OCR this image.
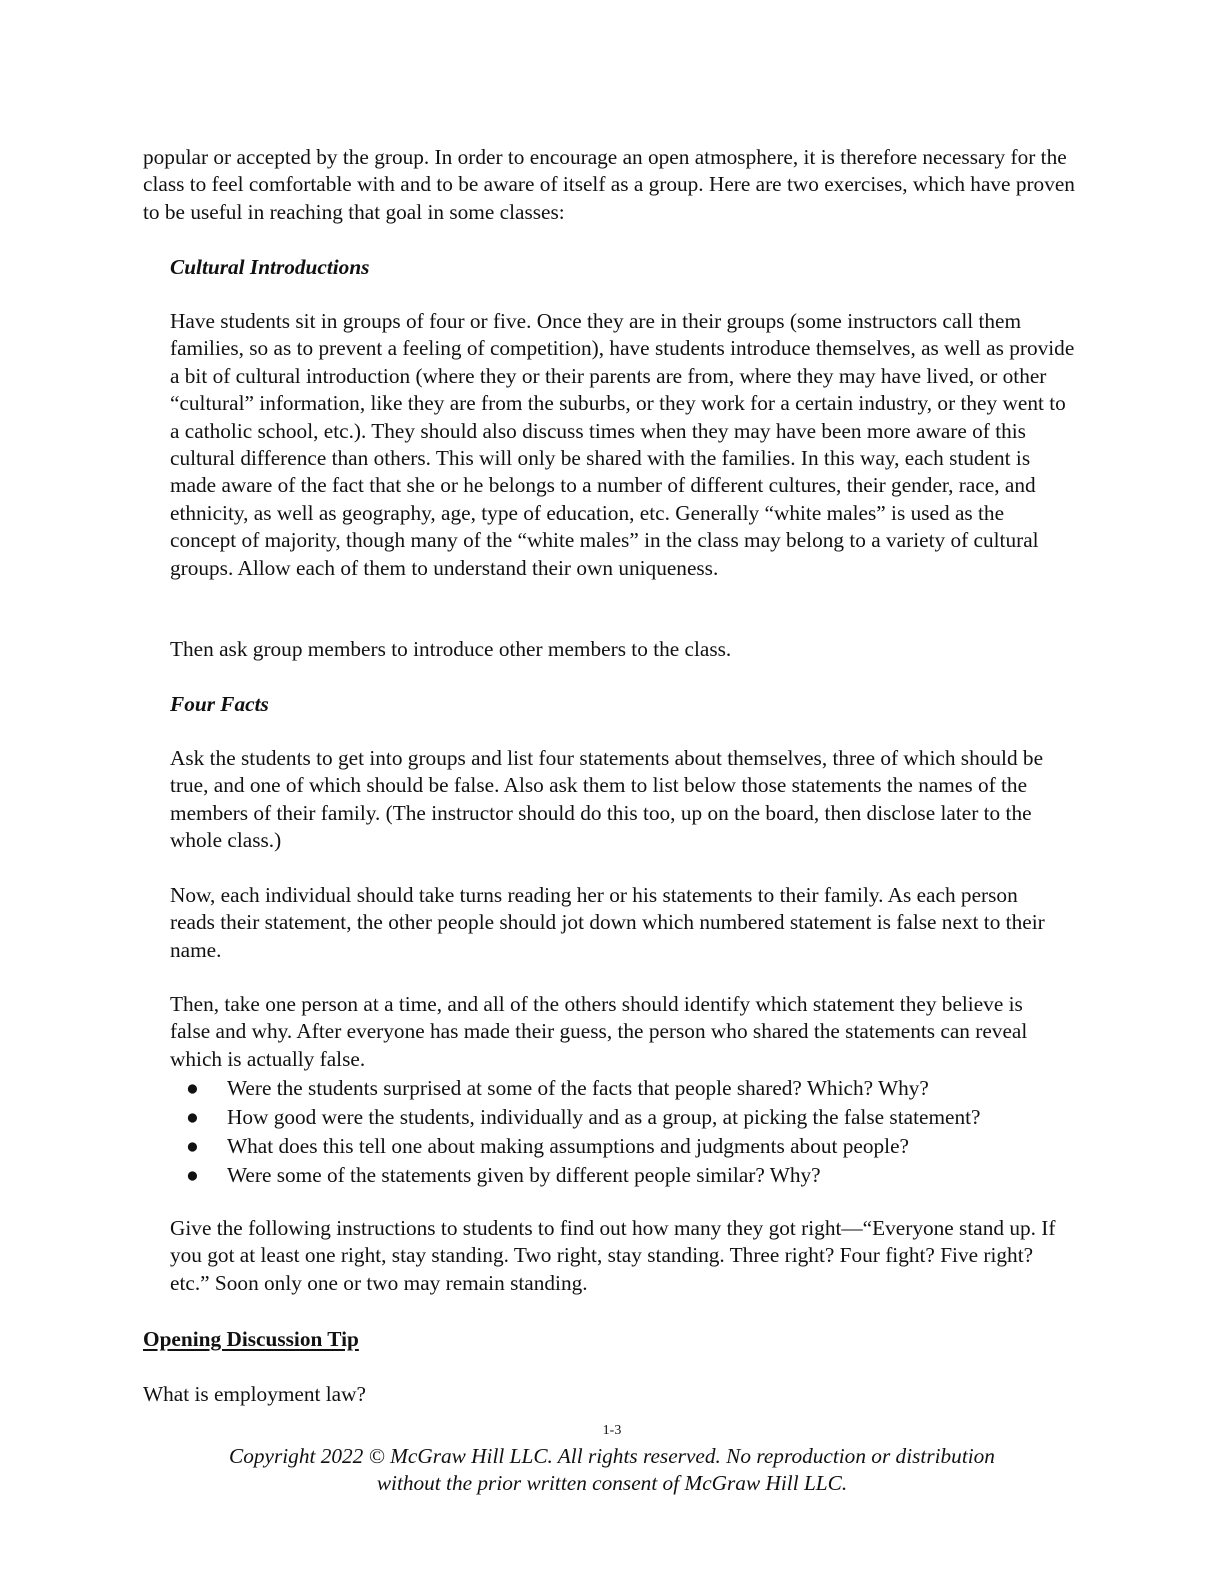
popular or accepted by the group. In order to encourage an open atmosphere, it is therefore necessary for the class to feel comfortable with and to be aware of itself as a group. Here are two exercises, which have proven to be useful in reaching that goal in some classes:

Cultural Introductions

Have students sit in groups of four or five. Once they are in their groups (some instructors call them families, so as to prevent a feeling of competition), have students introduce themselves, as well as provide a bit of cultural introduction (where they or their parents are from, where they may have lived, or other “cultural” information, like they are from the suburbs, or they work for a certain industry, or they went to a catholic school, etc.). They should also discuss times when they may have been more aware of this cultural difference than others. This will only be shared with the families. In this way, each student is made aware of the fact that she or he belongs to a number of different cultures, their gender, race, and ethnicity, as well as geography, age, type of education, etc. Generally “white males” is used as the concept of majority, though many of the “white males” in the class may belong to a variety of cultural groups. Allow each of them to understand their own uniqueness.

Then ask group members to introduce other members to the class.

Four Facts

Ask the students to get into groups and list four statements about themselves, three of which should be true, and one of which should be false. Also ask them to list below those statements the names of the members of their family. (The instructor should do this too, up on the board, then disclose later to the whole class.)

Now, each individual should take turns reading her or his statements to their family. As each person reads their statement, the other people should jot down which numbered statement is false next to their name.

Then, take one person at a time, and all of the others should identify which statement they believe is false and why. After everyone has made their guess, the person who shared the statements can reveal which is actually false.

● Were the students surprised at some of the facts that people shared? Which? Why?
● How good were the students, individually and as a group, at picking the false statement?
● What does this tell one about making assumptions and judgments about people?
● Were some of the statements given by different people similar? Why?

Give the following instructions to students to find out how many they got right—“Everyone stand up. If you got at least one right, stay standing. Two right, stay standing. Three right? Four fight? Five right? etc.” Soon only one or two may remain standing.

Opening Discussion Tip

What is employment law?

1-3
Copyright 2022 © McGraw Hill LLC. All rights reserved. No reproduction or distribution
without the prior written consent of McGraw Hill LLC.
